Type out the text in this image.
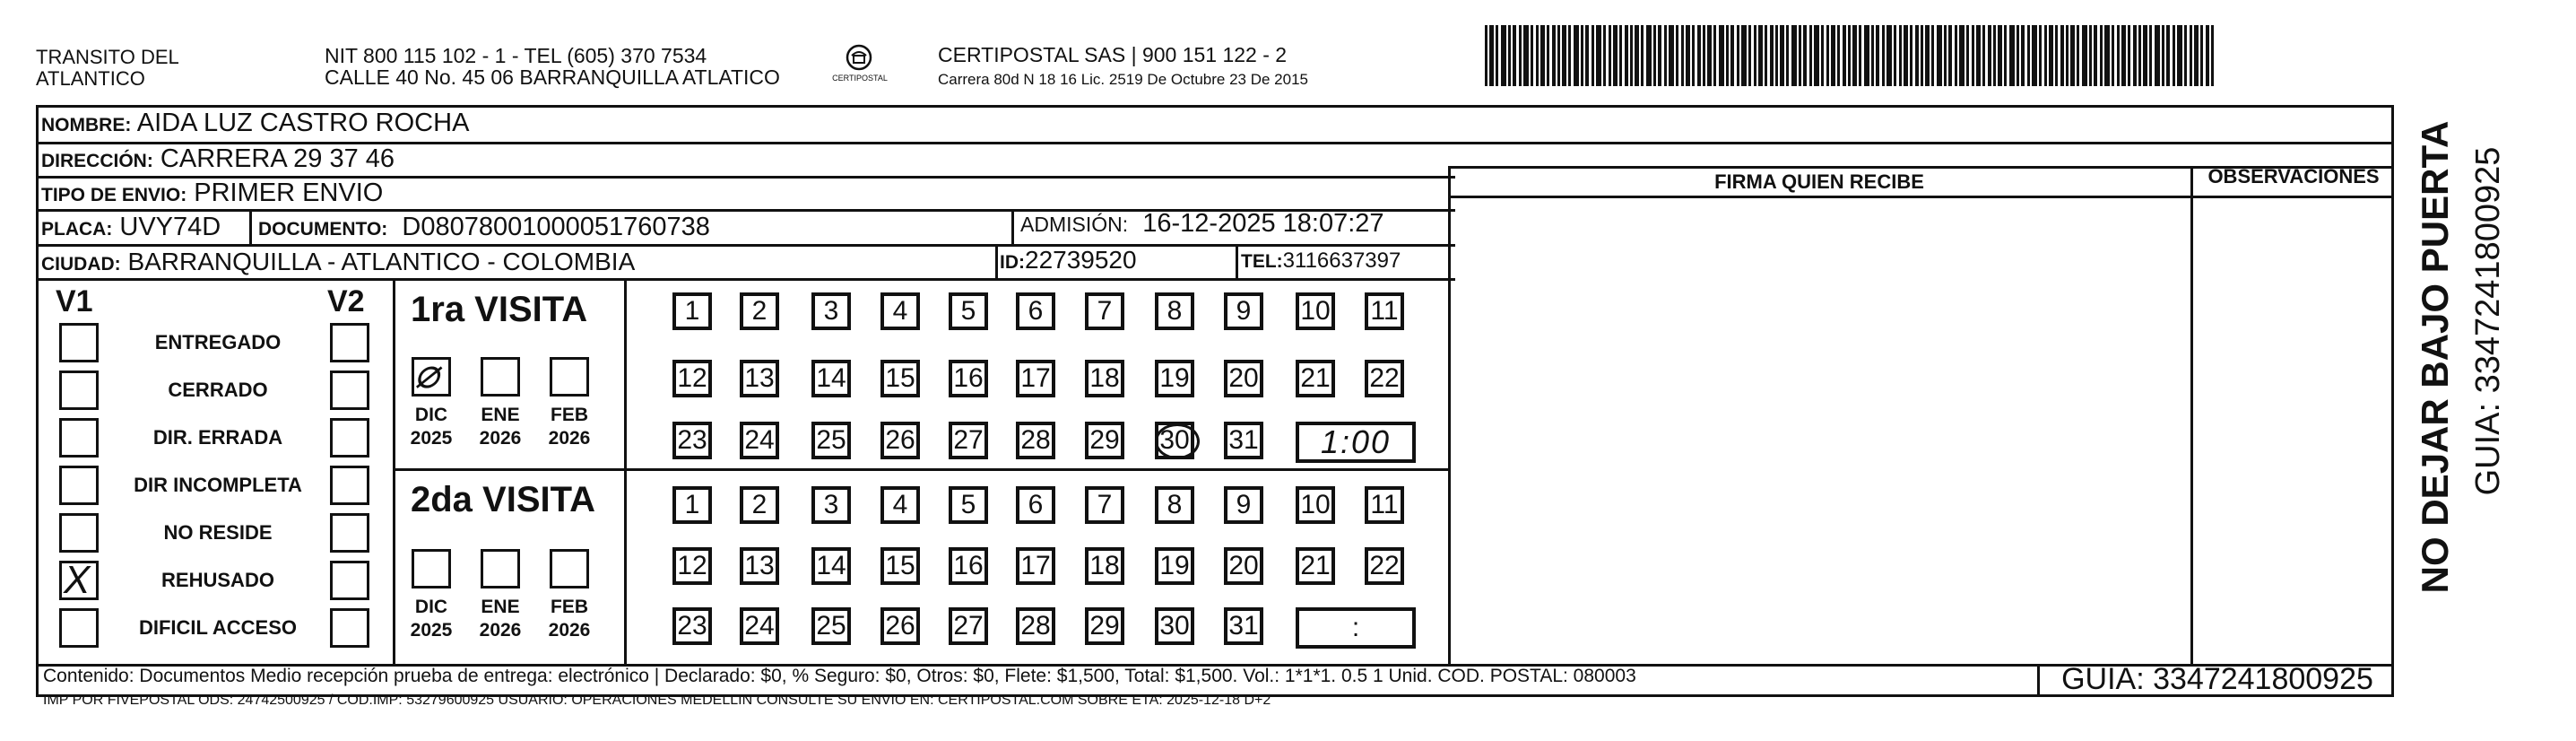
TRANSITO DEL
ATLANTICO
NIT 800 115 102 - 1 - TEL (605) 370 7534
CALLE 40 No. 45 06 BARRANQUILLA ATLATICO	CERTIPOSTAL
CERTIPOSTAL SAS | 900 151 122 - 2
Carrera 80d N 18 16 Lic. 2519 De Octubre 23 De 2015
NOMBRE: AIDA LUZ CASTRO ROCHA
DIRECCIÓN: CARRERA 29 37 46
TIPO DE ENVIO: PRIMER ENVIO
PLACA: UVY74D DOCUMENTO: D08078001000051760738	ADMISIÓN: 16-12-2025 18:07:27
CIUDAD: BARRANQUILLA - ATLANTICO - COLOMBIA	ID:22739520	TEL:3116637397
FIRMA QUIEN RECIBE	OBSERVACIONES
V1	V2
ENTREGADO
CERRADO
DIR. ERRADA
DIR INCOMPLETA
NO RESIDE
X	REHUSADO
DIFICIL ACCESO
1ra VISITA
2da VISITA
⌀
DIC
2025
ENE
2026
FEB
2026
DIC
2025
ENE
2026
FEB
2026
1	2	3	4	5	6	7	8	9	10 11
12 13 14 15 16 17 18 19 20 21 22
23 24 25 26 27 28 29 30 31 1:00
1	2	3	4	5	6	7	8	9	10 11
12 13 14 15 16 17 18 19 20 21 22
23 24 25 26 27 28 29 30 31	:
NO DEJAR BAJO PUERTA GUIA: 3347241800925
Contenido: Documentos Medio recepción prueba de entrega: electrónico | Declarado: $0, % Seguro: $0, Otros: $0, Flete: $1,500, Total: $1,500. Vol.: 1*1*1. 0.5 1 Unid. COD. POSTAL: 080003
IMP POR FIVEPOSTAL ODS: 24742500925 / COD.IMP: 53279600925 USUARIO: OPERACIONES MEDELLIN CONSULTE SU ENVIO EN: CERTIPOSTAL.COM SOBRE ETA: 2025-12-18 D+2
GUIA: 3347241800925
